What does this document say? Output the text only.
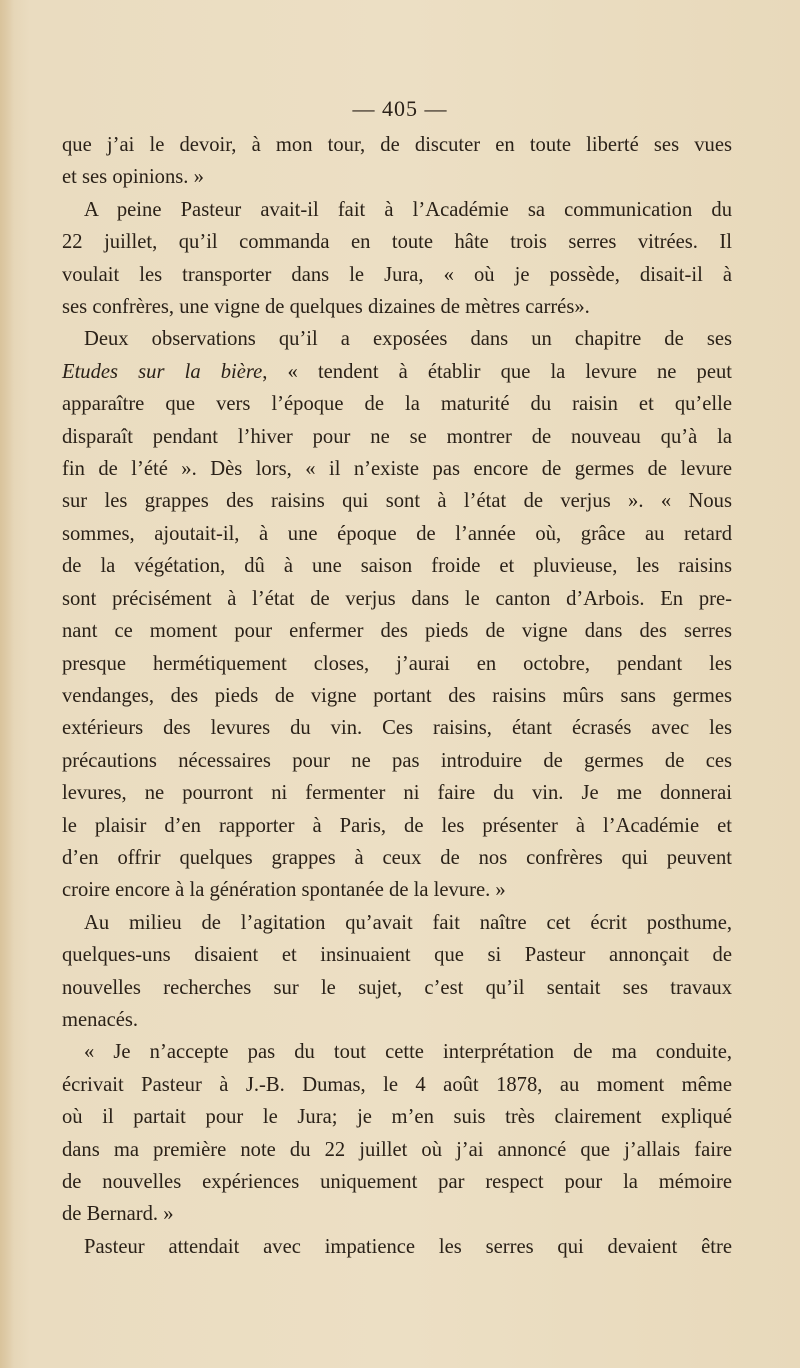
— 405 —
que j’ai le devoir, à mon tour, de discuter en toute liberté ses vues
et ses opinions. »
A peine Pasteur avait-il fait à l’Académie sa communication du
22 juillet, qu’il commanda en toute hâte trois serres vitrées. Il
voulait les transporter dans le Jura, « où je possède, disait-il à
ses confrères, une vigne de quelques dizaines de mètres carrés».
Deux observations qu’il a exposées dans un chapitre de ses
Etudes sur la bière, « tendent à établir que la levure ne peut
apparaître que vers l’époque de la maturité du raisin et qu’elle
disparaît pendant l’hiver pour ne se montrer de nouveau qu’à la
fin de l’été ». Dès lors, « il n’existe pas encore de germes de levure
sur les grappes des raisins qui sont à l’état de verjus ». « Nous
sommes, ajoutait-il, à une époque de l’année où, grâce au retard
de la végétation, dû à une saison froide et pluvieuse, les raisins
sont précisément à l’état de verjus dans le canton d’Arbois. En pre-
nant ce moment pour enfermer des pieds de vigne dans des serres
presque hermétiquement closes, j’aurai en octobre, pendant les
vendanges, des pieds de vigne portant des raisins mûrs sans germes
extérieurs des levures du vin. Ces raisins, étant écrasés avec les
précautions nécessaires pour ne pas introduire de germes de ces
levures, ne pourront ni fermenter ni faire du vin. Je me donnerai
le plaisir d’en rapporter à Paris, de les présenter à l’Académie et
d’en offrir quelques grappes à ceux de nos confrères qui peuvent
croire encore à la génération spontanée de la levure. »
Au milieu de l’agitation qu’avait fait naître cet écrit posthume,
quelques-uns disaient et insinuaient que si Pasteur annonçait de
nouvelles recherches sur le sujet, c’est qu’il sentait ses travaux
menacés.
« Je n’accepte pas du tout cette interprétation de ma conduite,
écrivait Pasteur à J.-B. Dumas, le 4 août 1878, au moment même
où il partait pour le Jura; je m’en suis très clairement expliqué
dans ma première note du 22 juillet où j’ai annoncé que j’allais faire
de nouvelles expériences uniquement par respect pour la mémoire
de Bernard. »
Pasteur attendait avec impatience les serres qui devaient être
